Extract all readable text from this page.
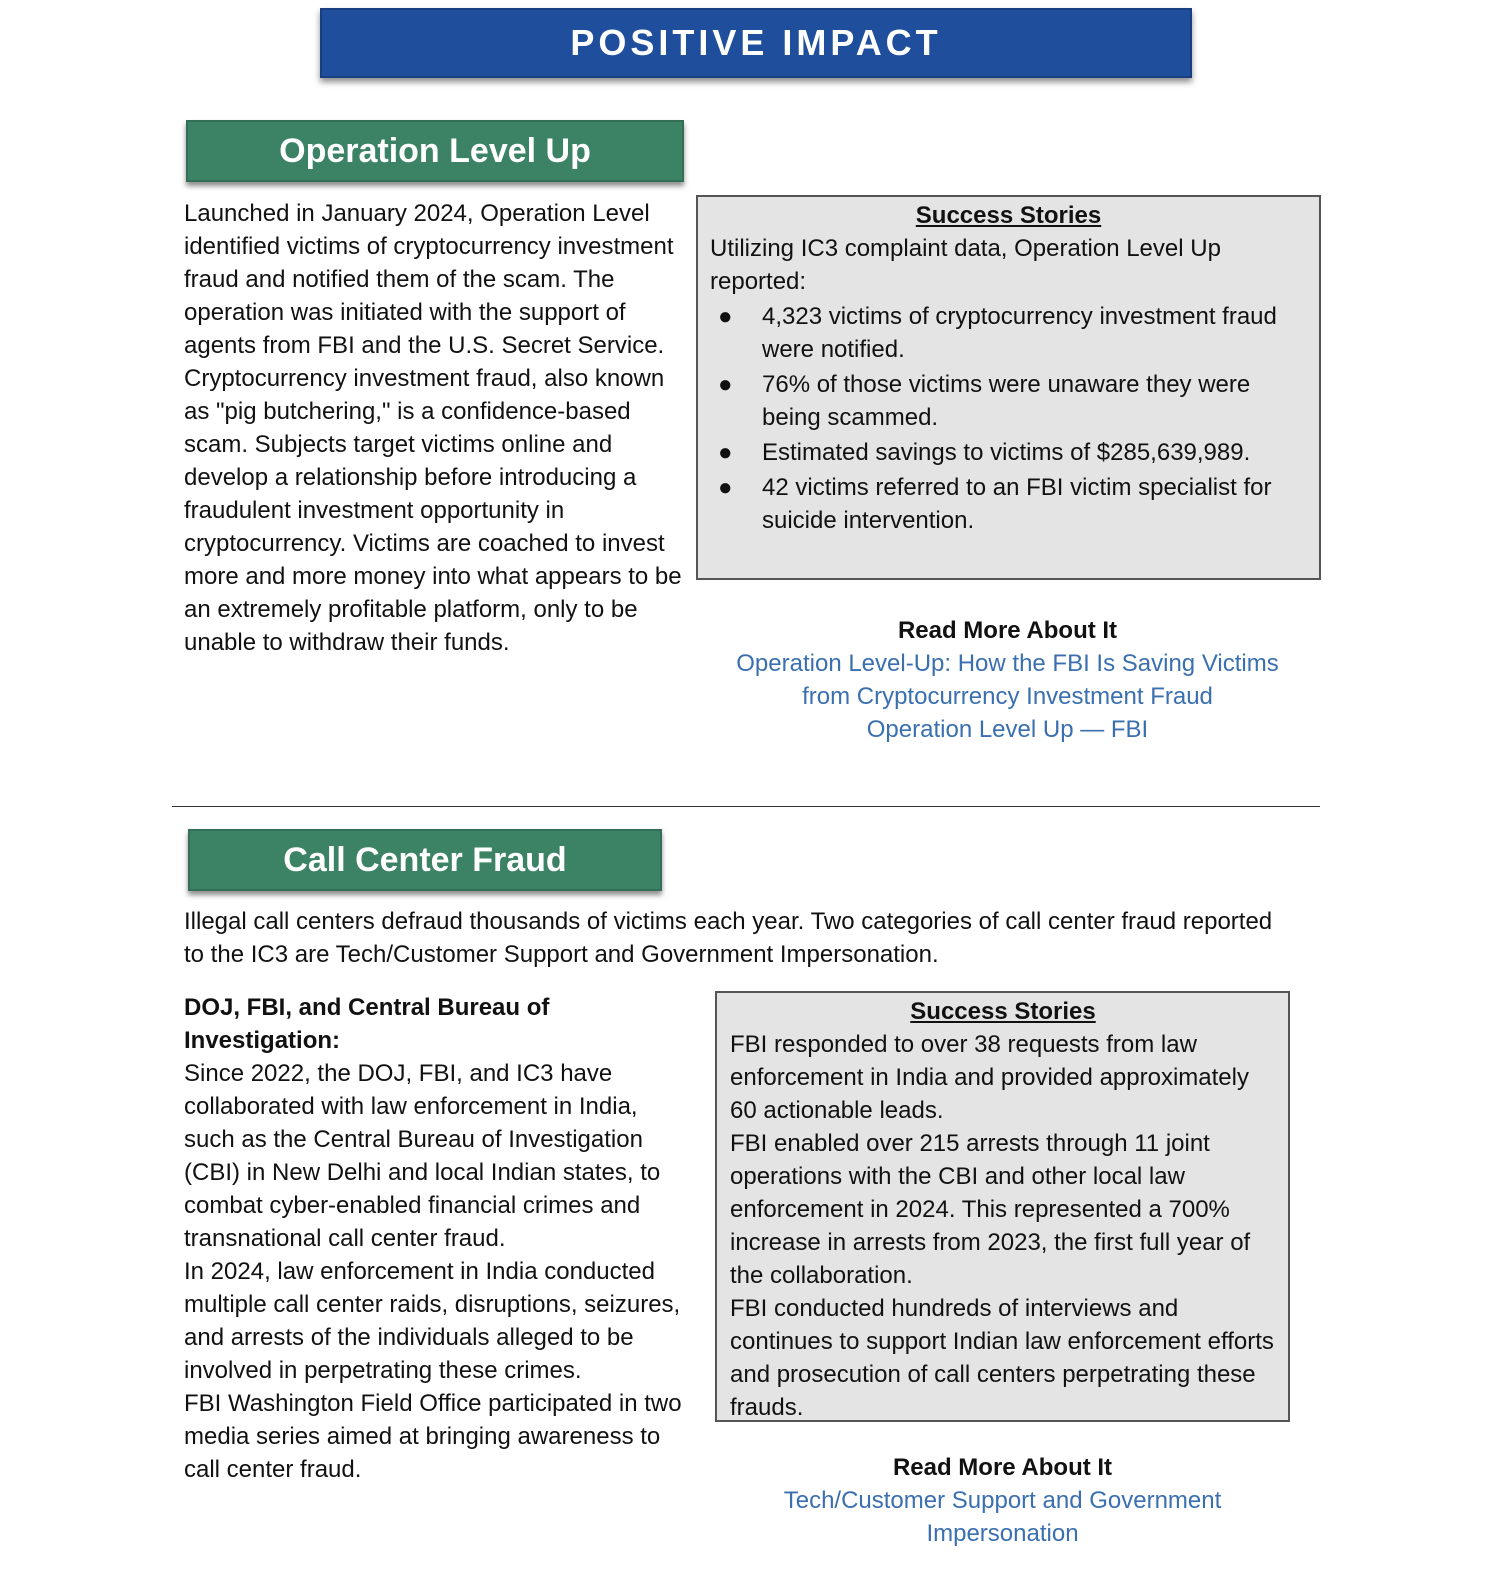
POSITIVE IMPACT
Operation Level Up

Launched in January 2024, Operation Level identified victims of cryptocurrency investment fraud and notified them of the scam. The operation was initiated with the support of agents from FBI and the U.S. Secret Service. Cryptocurrency investment fraud, also known as "pig butchering," is a confidence-based scam. Subjects target victims online and develop a relationship before introducing a fraudulent investment opportunity in cryptocurrency. Victims are coached to invest more and more money into what appears to be an extremely profitable platform, only to be unable to withdraw their funds.

Success Stories

Utilizing IC3 complaint data, Operation Level Up reported:

● 4,323 victims of cryptocurrency investment fraud were notified.
● 76% of those victims were unaware they were being scammed.
● Estimated savings to victims of $285,639,989.
● 42 victims referred to an FBI victim specialist for suicide intervention.
Read More About It
Operation Level-Up: How the FBI Is Saving Victims from Cryptocurrency Investment Fraud
Operation Level Up — FBI
Call Center Fraud

Illegal call centers defraud thousands of victims each year. Two categories of call center fraud reported to the IC3 are Tech/Customer Support and Government Impersonation.

DOJ, FBI, and Central Bureau of Investigation:

Since 2022, the DOJ, FBI, and IC3 have collaborated with law enforcement in India, such as the Central Bureau of Investigation (CBI) in New Delhi and local Indian states, to combat cyber-enabled financial crimes and transnational call center fraud.

In 2024, law enforcement in India conducted multiple call center raids, disruptions, seizures, and arrests of the individuals alleged to be involved in perpetrating these crimes.

FBI Washington Field Office participated in two media series aimed at bringing awareness to call center fraud.

Success Stories

FBI responded to over 38 requests from law enforcement in India and provided approximately 60 actionable leads.

FBI enabled over 215 arrests through 11 joint operations with the CBI and other local law enforcement in 2024. This represented a 700% increase in arrests from 2023, the first full year of the collaboration.

FBI conducted hundreds of interviews and continues to support Indian law enforcement efforts and prosecution of call centers perpetrating these frauds.

Read More About It
Tech/Customer Support and Government Impersonation
